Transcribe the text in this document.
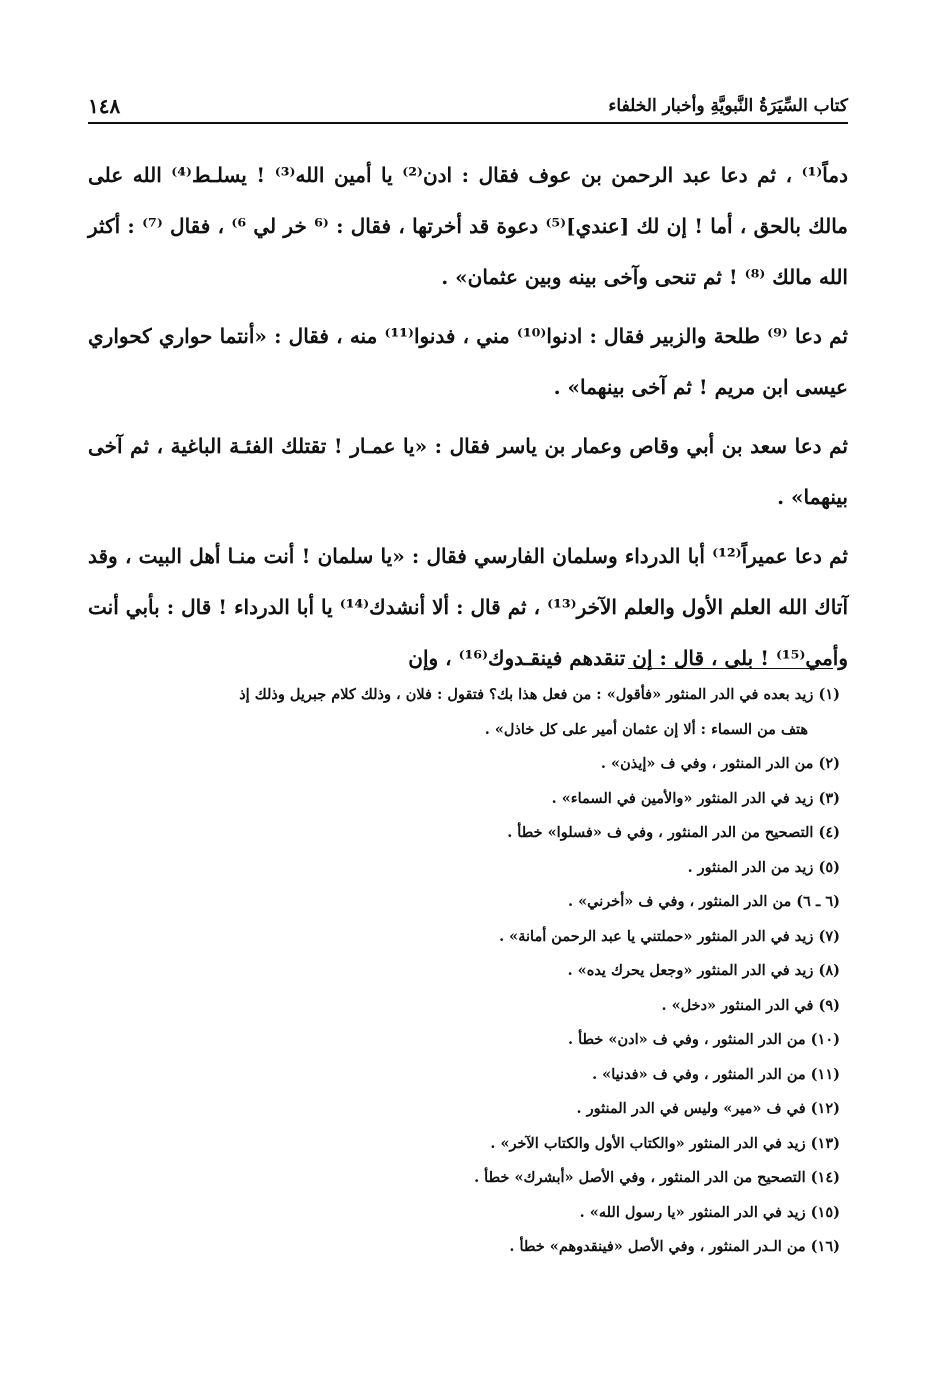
كتاب السِّيَرَةُ النَّبويَّةِ وأخبار الخلفاء
١٤٨

دماً⁽¹⁾ ، ثم دعا عبد الرحمن بن عوف فقال : ادن⁽²⁾ يا أمين الله⁽³⁾ ! يسلـط⁽⁴⁾ الله على مالك بالحق ، أما ! إن لك [عندي]⁽⁵⁾ دعوة قد أخرتها ، فقال : ⁽⁶ خر لي ⁶⁾ ، فقال ⁽⁷⁾ : أكثر الله مالك ⁽⁸⁾ ! ثم تنحى وآخى بينه وبين عثمان» .

ثم دعا ⁽⁹⁾ طلحة والزبير فقال : ادنوا⁽¹⁰⁾ مني ، فدنوا⁽¹¹⁾ منه ، فقال : «أنتما حواري كحواري عيسى ابن مريم ! ثم آخى بينهما» .

ثم دعا سعد بن أبي وقاص وعمار بن ياسر فقال : «يا عمـار ! تقتلك الفئـة الباغية ، ثم آخى بينهما» .

ثم دعا عميراً⁽¹²⁾ أبا الدرداء وسلمان الفارسي فقال : «يا سلمان ! أنت منـا أهل البيت ، وقد آتاك الله العلم الأول والعلم الآخر⁽¹³⁾ ، ثم قال : ألا أنشدك⁽¹⁴⁾ يا أبا الدرداء ! قال : بأبي أنت وأمي⁽¹⁵⁾ ! بلى ، قال : إن تنقدهم فينقـدوك⁽¹⁶⁾ ، وإن

(١) زيد بعده في الدر المنثور «فأقول» : من فعل هذا بك؟ فتقول : فلان ، وذلك كلام جبريل وذلك إذ

هتف من السماء : ألا إن عثمان أمير على كل خاذل» .

(٢) من الدر المنثور ، وفي ف «إيذن» .

(٣) زيد في الدر المنثور «والأمين في السماء» .

(٤) التصحيح من الدر المنثور ، وفي ف «فسلوا» خطأ .

(٥) زيد من الدر المنثور .

(٦ ـ ٦) من الدر المنثور ، وفي ف «أخرني» .

(٧) زيد في الدر المنثور «حملتني يا عبد الرحمن أمانة» .

(٨) زيد في الدر المنثور «وجعل يحرك يده» .

(٩) في الدر المنثور «دخل» .

(١٠) من الدر المنثور ، وفي ف «ادن» خطأ .

(١١) من الدر المنثور ، وفي ف «فدنيا» .

(١٢) في ف «مير» وليس في الدر المنثور .

(١٣) زيد في الدر المنثور «والكتاب الأول والكتاب الآخر» .

(١٤) التصحيح من الدر المنثور ، وفي الأصل «أبشرك» خطأ .

(١٥) زيد في الدر المنثور «يا رسول الله» .

(١٦) من الـدر المنثور ، وفي الأصل «فينقدوهم» خطأ .
